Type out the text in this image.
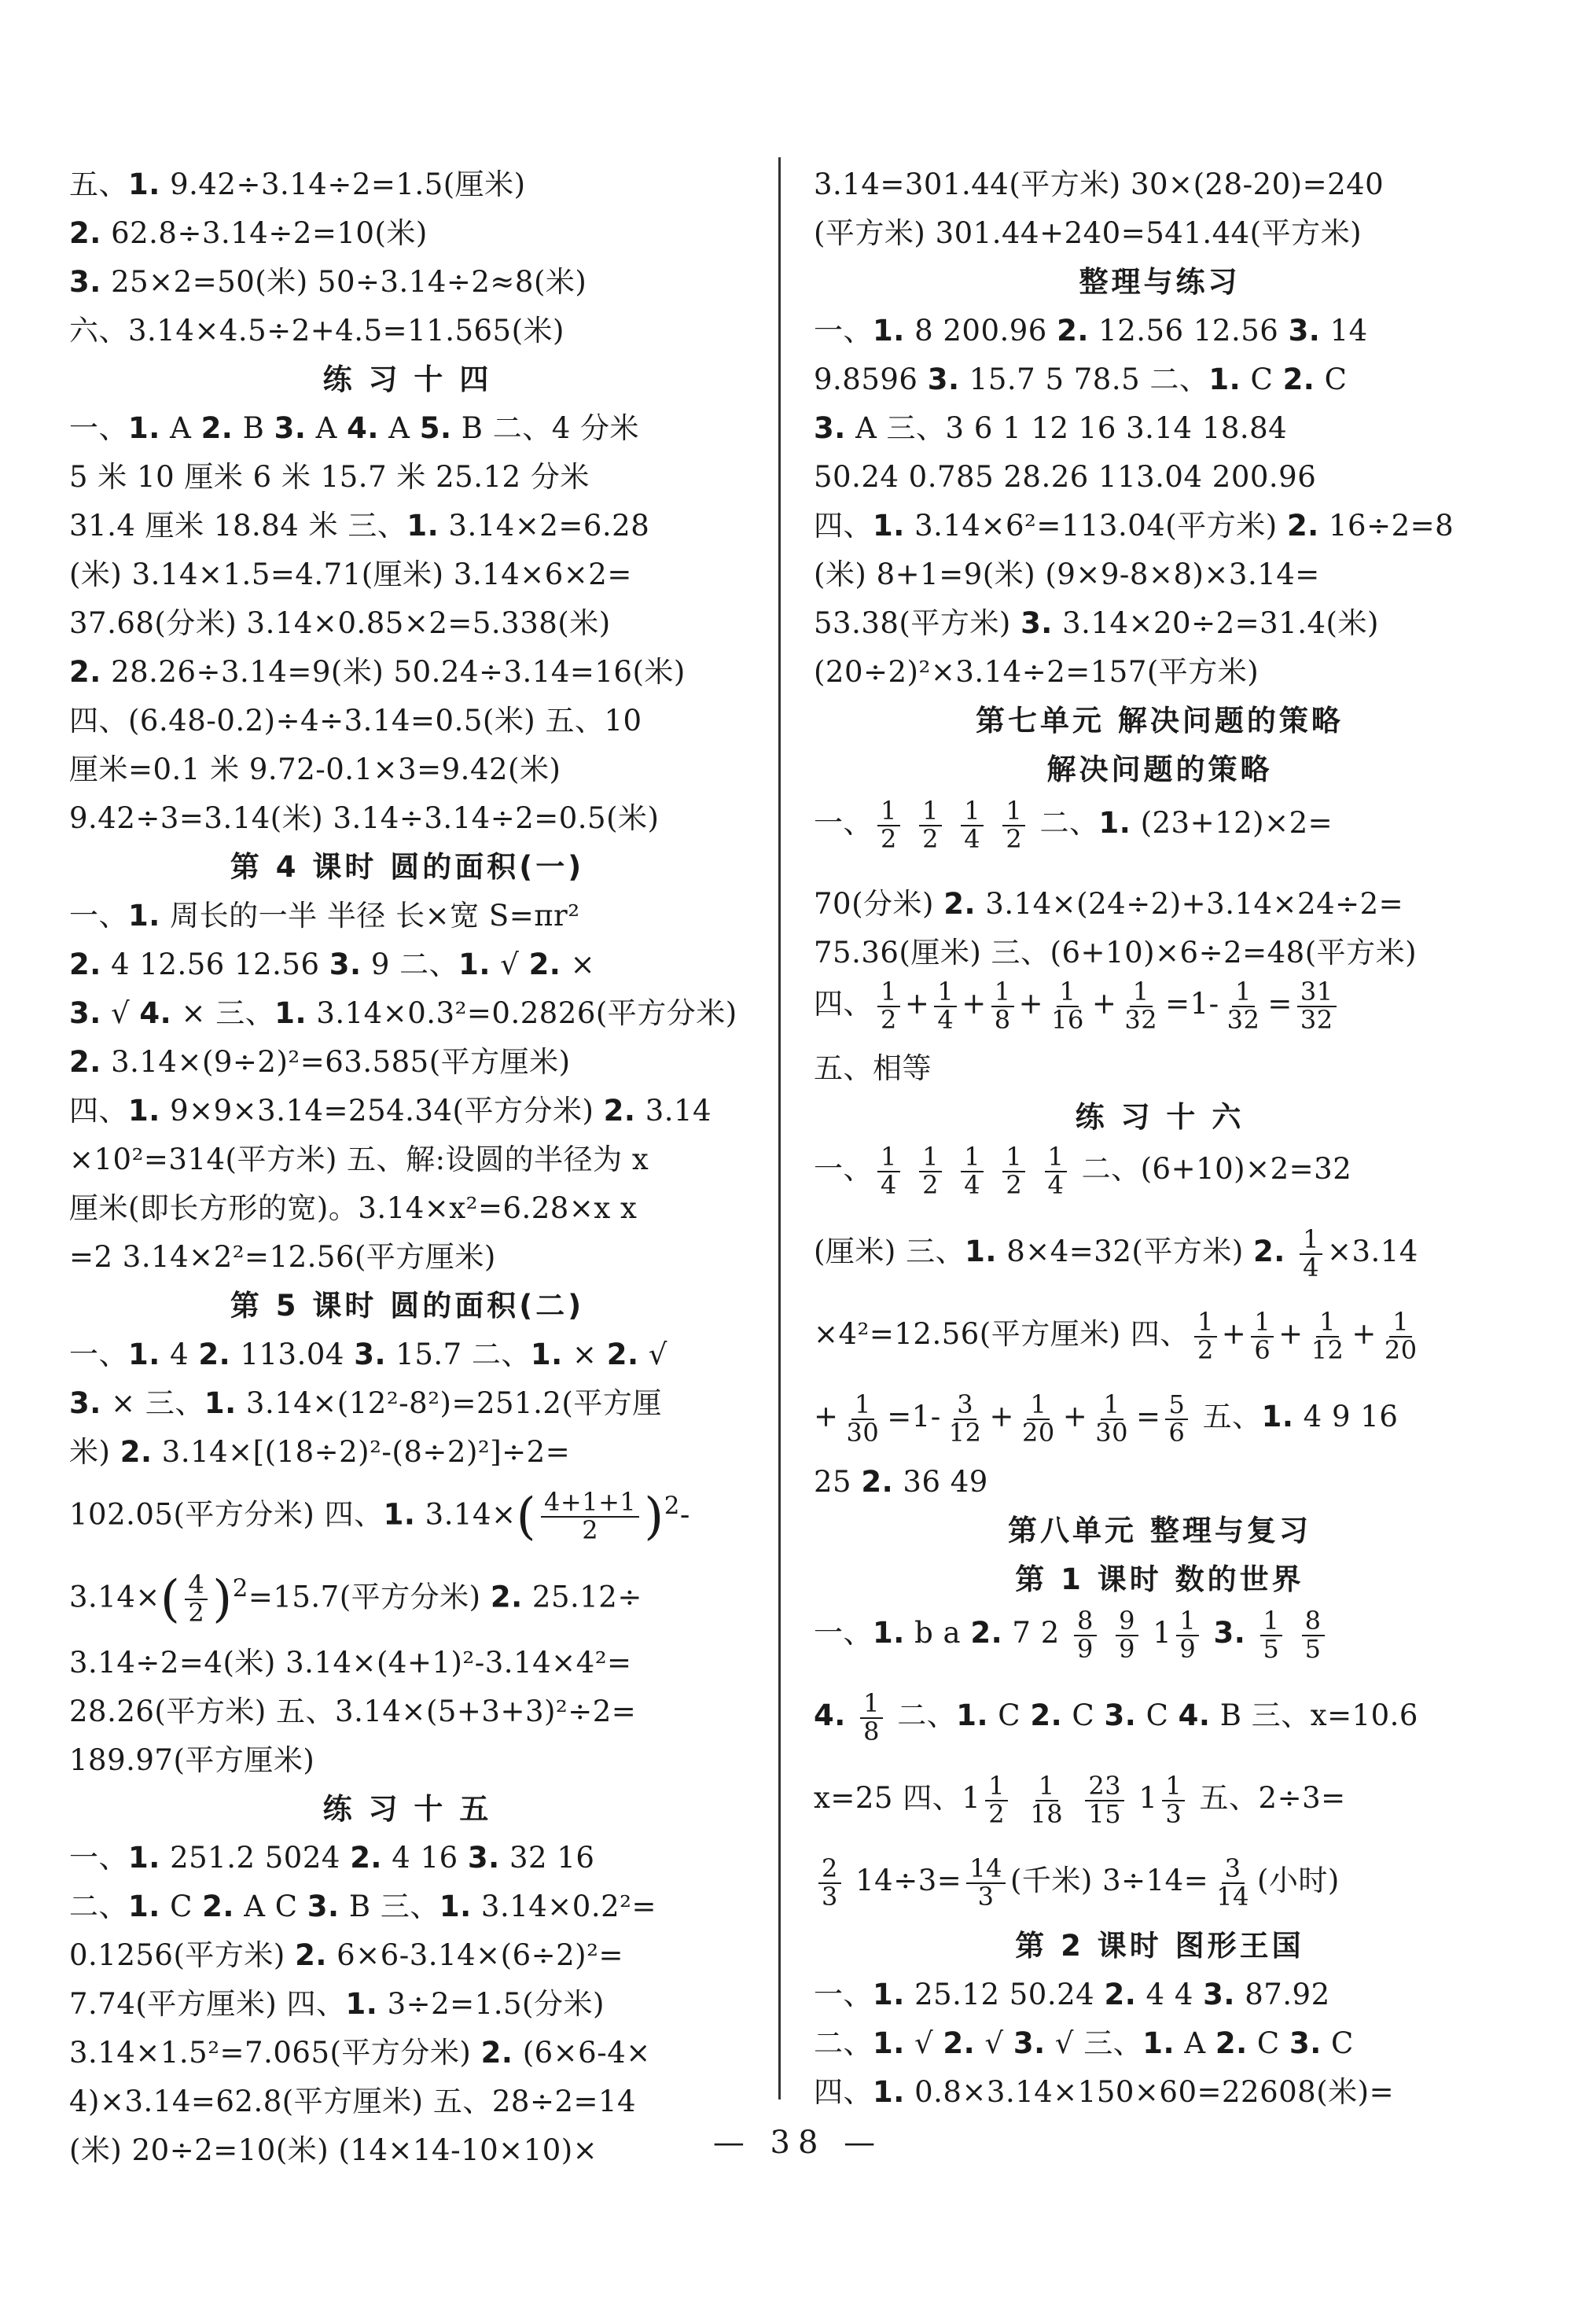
五、1. 9.42÷3.14÷2=1.5(厘米)
2. 62.8÷3.14÷2=10(米)
3. 25×2=50(米) 50÷3.14÷2≈8(米)
六、3.14×4.5÷2+4.5=11.565(米)
练 习 十 四
一、1. A 2. B 3. A 4. A 5. B 二、4 分米
5 米 10 厘米 6 米 15.7 米 25.12 分米
31.4 厘米 18.84 米 三、1. 3.14×2=6.28
(米) 3.14×1.5=4.71(厘米) 3.14×6×2=
37.68(分米) 3.14×0.85×2=5.338(米)
2. 28.26÷3.14=9(米) 50.24÷3.14=16(米)
四、(6.48-0.2)÷4÷3.14=0.5(米) 五、10
厘米=0.1 米 9.72-0.1×3=9.42(米)
9.42÷3=3.14(米) 3.14÷3.14÷2=0.5(米)
第 4 课时 圆的面积(一)
一、1. 周长的一半 半径 长×宽 S=πr²
2. 4 12.56 12.56 3. 9 二、1. √ 2. ×
3. √ 4. × 三、1. 3.14×0.3²=0.2826(平方分米)
2. 3.14×(9÷2)²=63.585(平方厘米)
四、1. 9×9×3.14=254.34(平方分米) 2. 3.14
×10²=314(平方米) 五、解:设圆的半径为 x
厘米(即长方形的宽)。3.14×x²=6.28×x x
=2 3.14×2²=12.56(平方厘米)
第 5 课时 圆的面积(二)
一、1. 4 2. 113.04 3. 15.7 二、1. × 2. √
3. × 三、1. 3.14×(12²-8²)=251.2(平方厘
米) 2. 3.14×[(18÷2)²-(8÷2)²]÷2=
102.05(平方分米) 四、1. $3.14\times( \frac{4+1+1}{2} )^2-$
$3.14\times( \frac{4}{2} )^2=15.7$(平方分米) 2. 25.12÷
3.14÷2=4(米) 3.14×(4+1)²-3.14×4²=
28.26(平方米) 五、3.14×(5+3+3)²÷2=
189.97(平方厘米)
练 习 十 五
一、1. 251.2 5024 2. 4 16 3. 32 16
二、1. C 2. A C 3. B 三、1. 3.14×0.2²=
0.1256(平方米) 2. 6×6-3.14×(6÷2)²=
7.74(平方厘米) 四、1. 3÷2=1.5(分米)
3.14×1.5²=7.065(平方分米) 2. (6×6-4×
4)×3.14=62.8(平方厘米) 五、28÷2=14
(米) 20÷2=10(米) (14×14-10×10)×
3.14=301.44(平方米) 30×(28-20)=240
(平方米) 301.44+240=541.44(平方米)
整理与练习
一、1. 8 200.96 2. 12.56 12.56 3. 14
9.8596 3. 15.7 5 78.5 二、1. C 2. C
3. A 三、3 6 1 12 16 3.14 18.84
50.24 0.785 28.26 113.04 200.96
四、1. 3.14×6²=113.04(平方米) 2. 16÷2=8
(米) 8+1=9(米) (9×9-8×8)×3.14=
53.38(平方米) 3. 3.14×20÷2=31.4(米)
(20÷2)²×3.14÷2=157(平方米)
第七单元 解决问题的策略
解决问题的策略
一、 $\frac{1}{2}$
$\frac{1}{2}$
$\frac{1}{4}$
$\frac{1}{2}$ 二、1. (23+12)×2=
70(分米) 2. 3.14×(24÷2)+3.14×24÷2=
75.36(厘米) 三、(6+10)×6÷2=48(平方米)
四、 $\frac{1}{2} + \frac{1}{4} + \frac{1}{8} + \frac{1}{16} + \frac{1}{32} =1- \frac{1}{32} = \frac{31}{32}$
五、相等
练 习 十 六
一、 $\frac{1}{4}$
$\frac{1}{2}$
$\frac{1}{4}$
$\frac{1}{2}$
$\frac{1}{4}$ 二、(6+10)×2=32
(厘米) 三、1. 8×4=32(平方米) 2. $\frac{1}{4} \times 3.14$
×4²=12.56(平方厘米) 四、 $\frac{1}{2} + \frac{1}{6} + \frac{1}{12} + \frac{1}{20}$
+ $\frac{1}{30} =1- \frac{3}{12} + \frac{1}{20} + \frac{1}{30} = \frac{5}{6}$ 五、1. 4 9 16
25 2. 36 49
第八单元 整理与复习
第 1 课时 数的世界
一、1. b a 2. 7 $2 \frac{8}{9}$
$\frac{9}{9} 1 \frac{1}{9} 3$. $\frac{1}{5}$
$\frac{8}{5}$
4. $\frac{1}{8}$ 二、1. C 2. C 3. C 4. B 三、x=10.6
x=25 四、$1 \frac{1}{2}$
$\frac{1}{18}$
$\frac{23}{15} 1 \frac{1}{3}$ 五、2÷3=
$\frac{2}{3} 14\div 3= \frac{14}{3}$ (千米) $3\div 14= \frac{3}{14}$ (小时)
第 2 课时 图形王国
一、1. 25.12 50.24 2. 4 4 3. 87.92
二、1. √ 2. √ 3. √ 三、1. A 2. C 3. C
四、1. 0.8×3.14×150×60=22608(米)=
— 38 —
